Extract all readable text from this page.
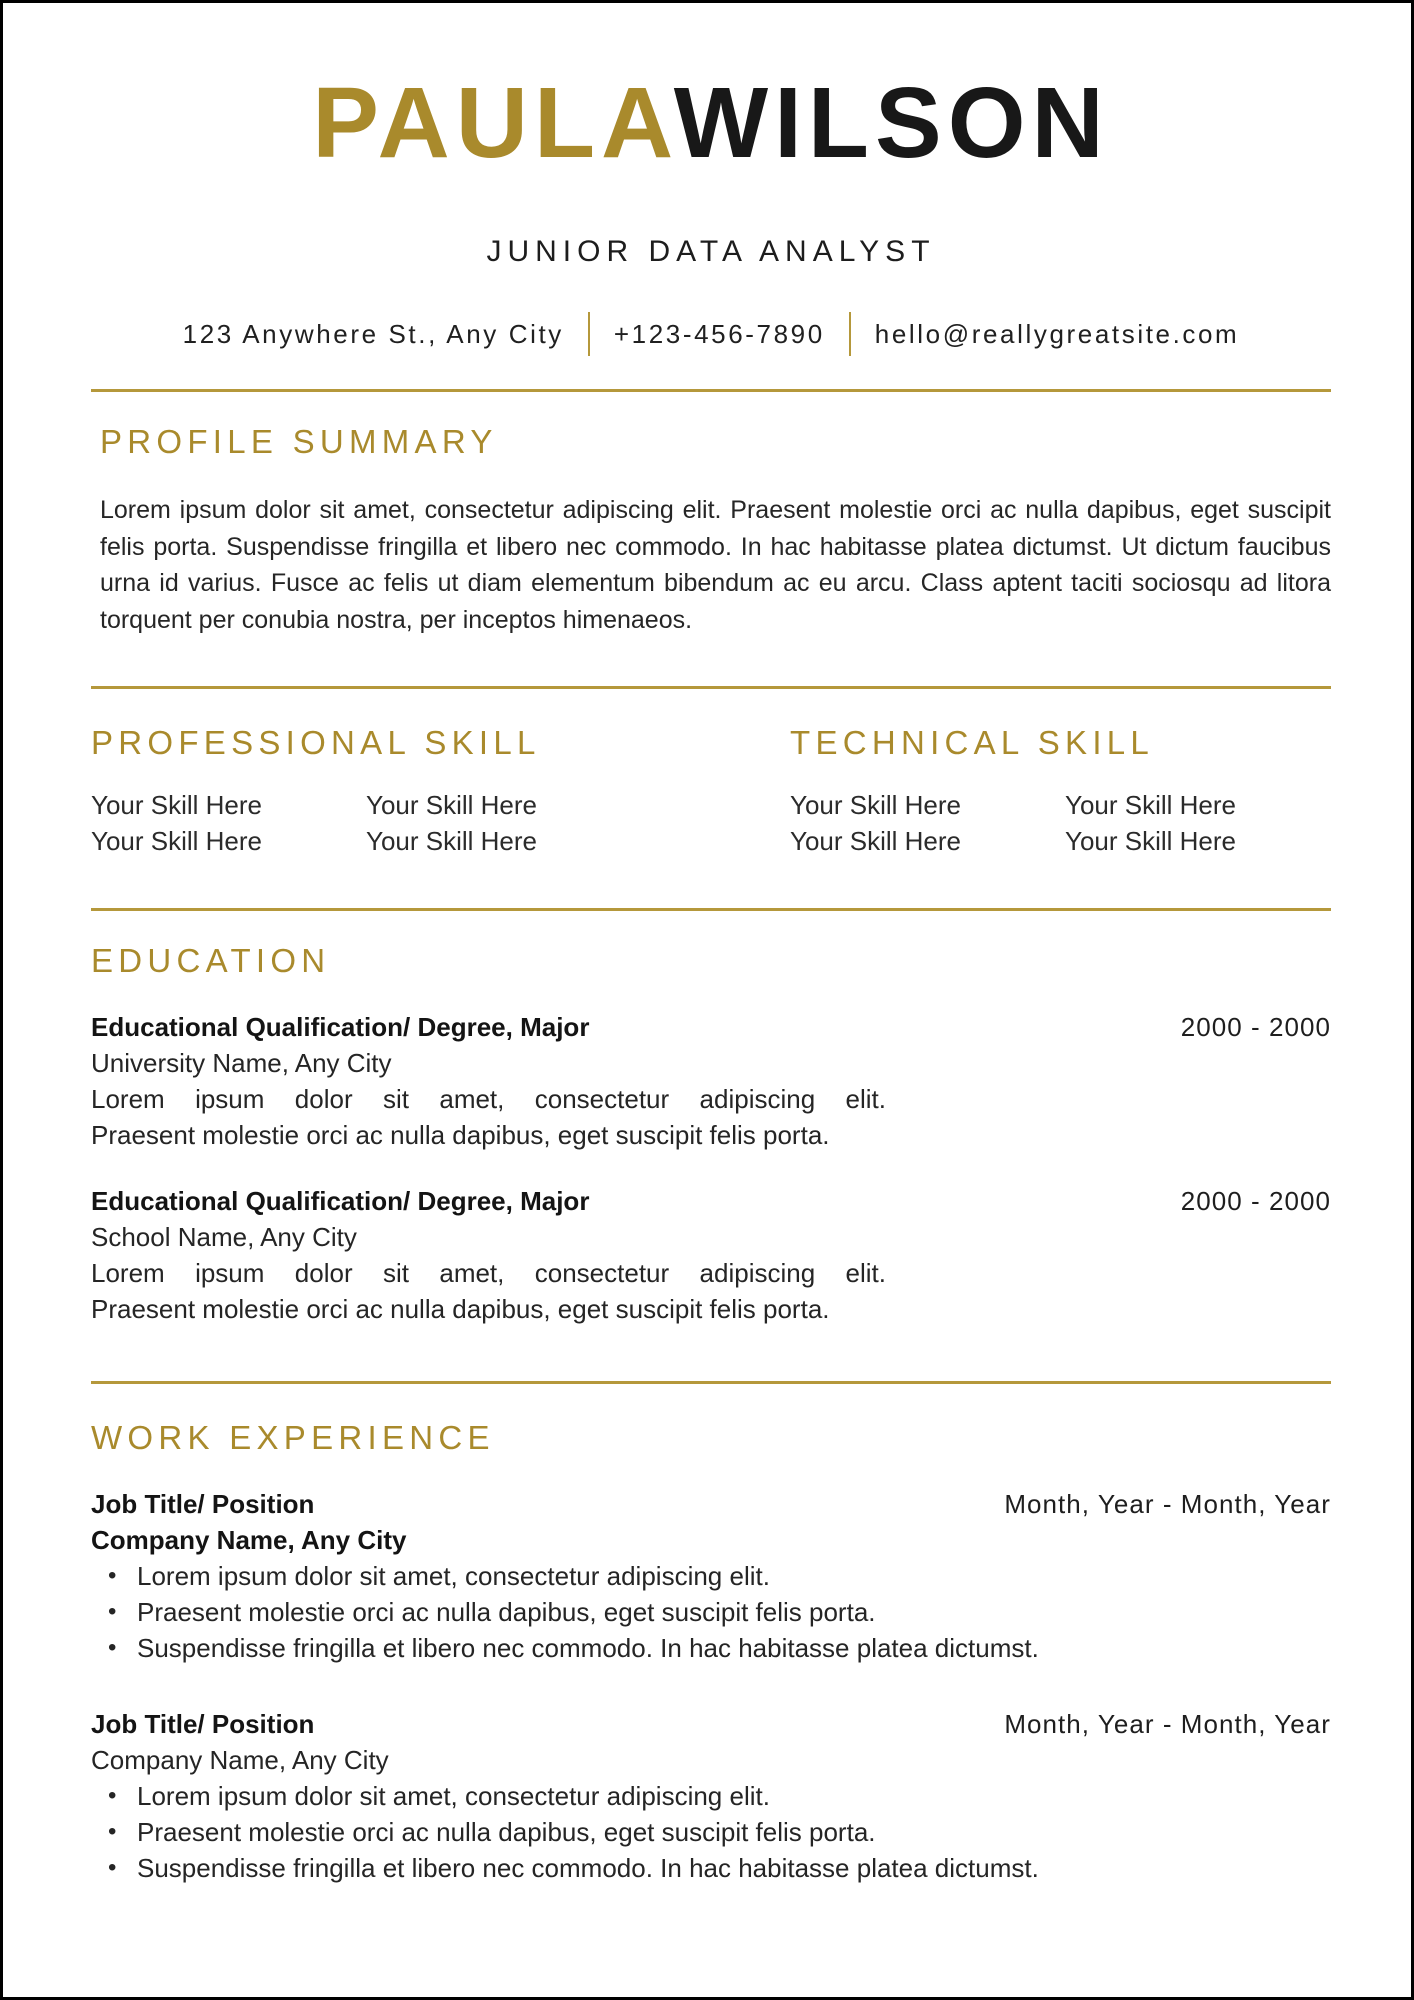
PAULAWILSON
JUNIOR DATA ANALYST
123 Anywhere St., Any City +123-456-7890 hello@reallygreatsite.com
PROFILE SUMMARY

Lorem ipsum dolor sit amet, consectetur adipiscing elit. Praesent molestie orci ac nulla dapibus, eget suscipit felis porta. Suspendisse fringilla et libero nec commodo. In hac habitasse platea dictumst. Ut dictum faucibus urna id varius. Fusce ac felis ut diam elementum bibendum ac eu arcu. Class aptent taciti sociosqu ad litora torquent per conubia nostra, per inceptos himenaeos.

PROFESSIONAL SKILL
Your Skill Here	Your Skill Here
Your Skill Here	Your Skill Here
TECHNICAL SKILL
Your Skill Here	Your Skill Here
Your Skill Here	Your Skill Here
EDUCATION
Educational Qualification/ Degree, Major	2000 - 2000
University Name, Any City
Lorem ipsum dolor sit amet, consectetur adipiscing elit.
Praesent molestie orci ac nulla dapibus, eget suscipit felis porta.
Educational Qualification/ Degree, Major	2000 - 2000
School Name, Any City
Lorem ipsum dolor sit amet, consectetur adipiscing elit.
Praesent molestie orci ac nulla dapibus, eget suscipit felis porta.
WORK EXPERIENCE
Job Title/ Position	Month, Year - Month, Year
Company Name, Any City
• Lorem ipsum dolor sit amet, consectetur adipiscing elit.
• Praesent molestie orci ac nulla dapibus, eget suscipit felis porta.
• Suspendisse fringilla et libero nec commodo. In hac habitasse platea dictumst.
Job Title/ Position	Month, Year - Month, Year
Company Name, Any City
• Lorem ipsum dolor sit amet, consectetur adipiscing elit.
• Praesent molestie orci ac nulla dapibus, eget suscipit felis porta.
• Suspendisse fringilla et libero nec commodo. In hac habitasse platea dictumst.
